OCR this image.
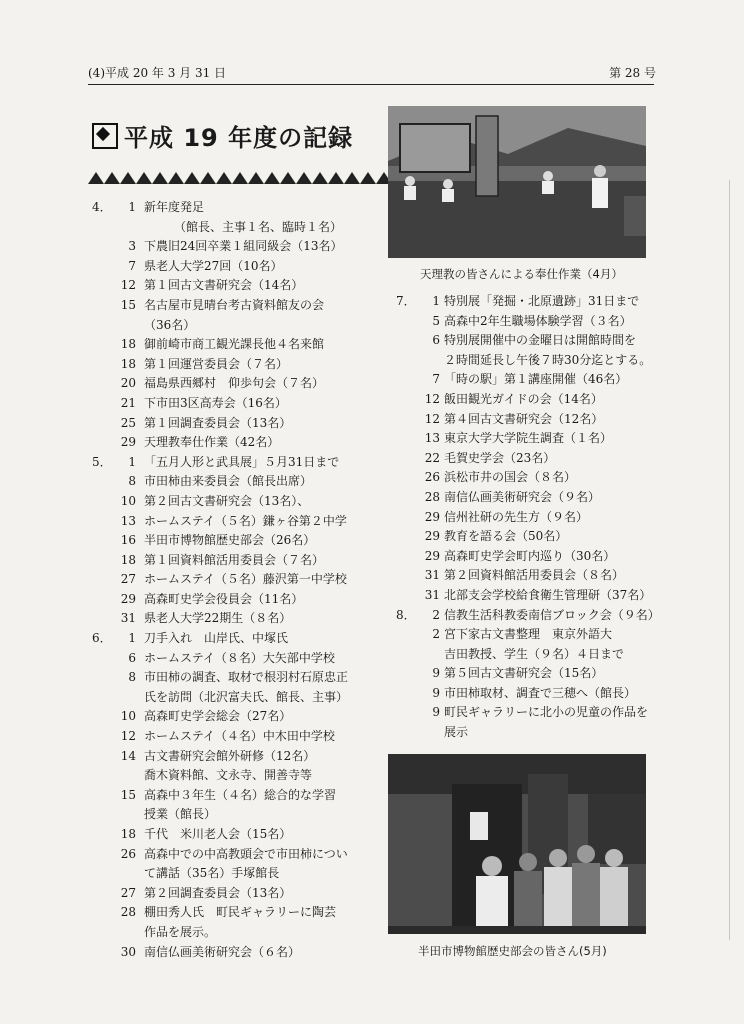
(4)平成 20 年 3 月 31 日	第 28 号
平成 19 年度の記録
4．	1 新年度発足
　　　（館長、主事１名、臨時１名）
3 下農旧24回卒業１組同級会（13名）
7 県老人大学27回（10名）
12 第１回古文書研究会（14名）
15 名古屋市見晴台考古資料館友の会
（36名）
18 御前崎市商工観光課長他４名来館
18 第１回運営委員会（７名）
20 福島県西郷村　仰歩句会（７名）
21 下市田3区高寿会（16名）
25 第１回調査委員会（13名）
29 天理教奉仕作業（42名）
5．	1 「五月人形と武具展」５月31日まで
8 市田柿由来委員会（館長出席）
10 第２回古文書研究会（13名）、
13 ホームステイ（５名）鎌ヶ谷第２中学
16 半田市博物館歴史部会（26名）
18 第１回資料館活用委員会（７名）
27 ホームステイ（５名）藤沢第一中学校
29 高森町史学会役員会（11名）
31 県老人大学22期生（８名）
6．	1 刀手入れ　山岸氏、中塚氏
6 ホームステイ（８名）大矢部中学校
8 市田柿の調査、取材で根羽村石原忠正
氏を訪問（北沢富夫氏、館長、主事）
10 高森町史学会総会（27名）
12 ホームステイ（４名）中木田中学校
14 古文書研究会館外研修（12名）
喬木資料館、文永寺、開善寺等
15 高森中３年生（４名）総合的な学習
授業（館長）
18 千代　米川老人会（15名）
26 高森中での中高教頭会で市田柿につい
て講話（35名）手塚館長
27 第２回調査委員会（13名）
28 棚田秀人氏　町民ギャラリーに陶芸
作品を展示。
30 南信仏画美術研究会（６名）
7．	1 特別展「発掘・北原遺跡」31日まで
5 高森中2年生職場体験学習（３名）
6 特別展開催中の金曜日は開館時間を
２時間延長し午後７時30分迄とする。
7 「時の駅」第１講座開催（46名）
12 飯田観光ガイドの会（14名）
12 第４回古文書研究会（12名）
13 東京大学大学院生調査（１名）
22 毛賀史学会（23名）
26 浜松市井の国会（８名）
28 南信仏画美術研究会（９名）
29 信州社研の先生方（９名）
29 教育を語る会（50名）
29 高森町史学会町内巡り（30名）
31 第２回資料館活用委員会（８名）
31 北部支会学校給食衛生管理研（37名）
8．	2 信教生活科教委南信ブロック会（９名）
2 宮下家古文書整理　東京外語大
吉田教授、学生（９名）４日まで
9 第５回古文書研究会（15名）
9 市田柿取材、調査で三穂へ（館長）
9 町民ギャラリーに北小の児童の作品を
展示
天理教の皆さんによる奉仕作業（4月）
半田市博物館歴史部会の皆さん(5月)
